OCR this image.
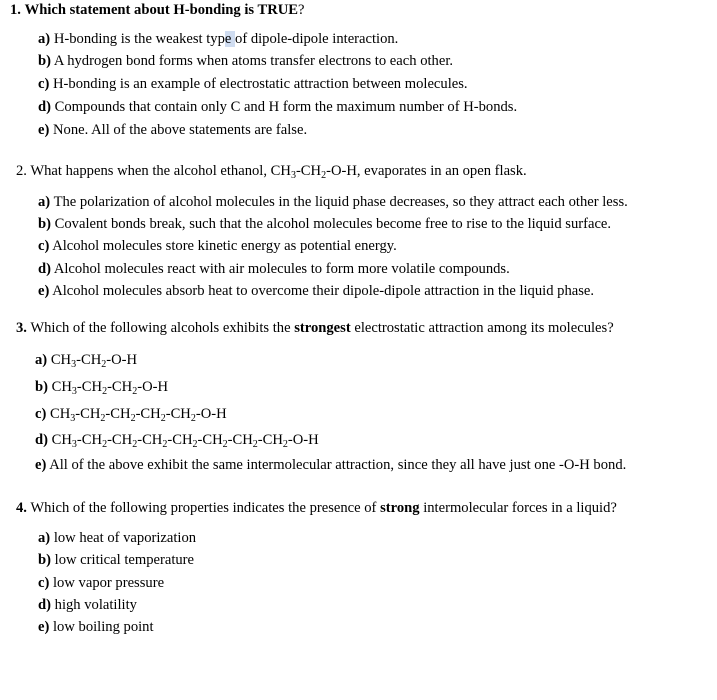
1. Which statement about H-bonding is TRUE?
a) H-bonding is the weakest type of dipole-dipole interaction.
b) A hydrogen bond forms when atoms transfer electrons to each other.
c) H-bonding is an example of electrostatic attraction between molecules.
d) Compounds that contain only C and H form the maximum number of H-bonds.
e) None. All of the above statements are false.
2. What happens when the alcohol ethanol, $CH_3-CH_2-O-H$, evaporates in an open flask.
a) The polarization of alcohol molecules in the liquid phase decreases, so they attract each other less.
b) Covalent bonds break, such that the alcohol molecules become free to rise to the liquid surface.
c) Alcohol molecules store kinetic energy as potential energy.
d) Alcohol molecules react with air molecules to form more volatile compounds.
e) Alcohol molecules absorb heat to overcome their dipole-dipole attraction in the liquid phase.
3. Which of the following alcohols exhibits the strongest electrostatic attraction among its molecules?
a) $CH_3-CH_2-O-H$
b) $CH_3-CH_2-CH_2-O-H$
c) $CH_3-CH_2-CH_2-CH_2-CH_2-O-H$
d) $CH_3-CH_2-CH_2-CH_2-CH_2-CH_2-CH_2-CH_2-O-H$
e) All of the above exhibit the same intermolecular attraction, since they all have just one -O-H bond.
4. Which of the following properties indicates the presence of strong intermolecular forces in a liquid?
a) low heat of vaporization
b) low critical temperature
c) low vapor pressure
d) high volatility
e) low boiling point
